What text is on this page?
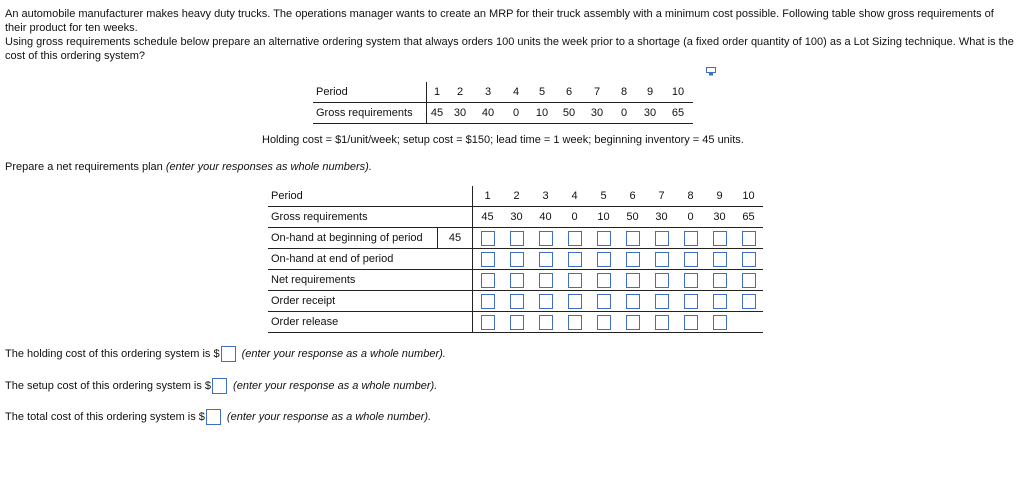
An automobile manufacturer makes heavy duty trucks. The operations manager wants to create an MRP for their truck assembly with a minimum cost possible. Following table show gross requirements of their product for ten weeks.

Using gross requirements schedule below prepare an alternative ordering system that always orders 100 units the week prior to a shortage (a fixed order quantity of 100) as a Lot Sizing technique. What is the cost of this ordering system?

Period	1	2	3	4	5	6	7	8	9	10
Gross requirements	45	30	40	0	10	50	30	0	30	65
Holding cost = $1/unit/week; setup cost = $150; lead time = 1 week; beginning inventory = 45 units.
Prepare a net requirements plan (enter your responses as whole numbers).
Period		1	2	3	4	5	6	7	8	9	10
Gross requirements		45	30	40	0	10	50	30	0	30	65
On-hand at beginning of period	45										
On-hand at end of period											
Net requirements											
Order receipt											
Order release											
The holding cost of this ordering system is $ (enter your response as a whole number).
The setup cost of this ordering system is $ (enter your response as a whole number).
The total cost of this ordering system is $ (enter your response as a whole number).
